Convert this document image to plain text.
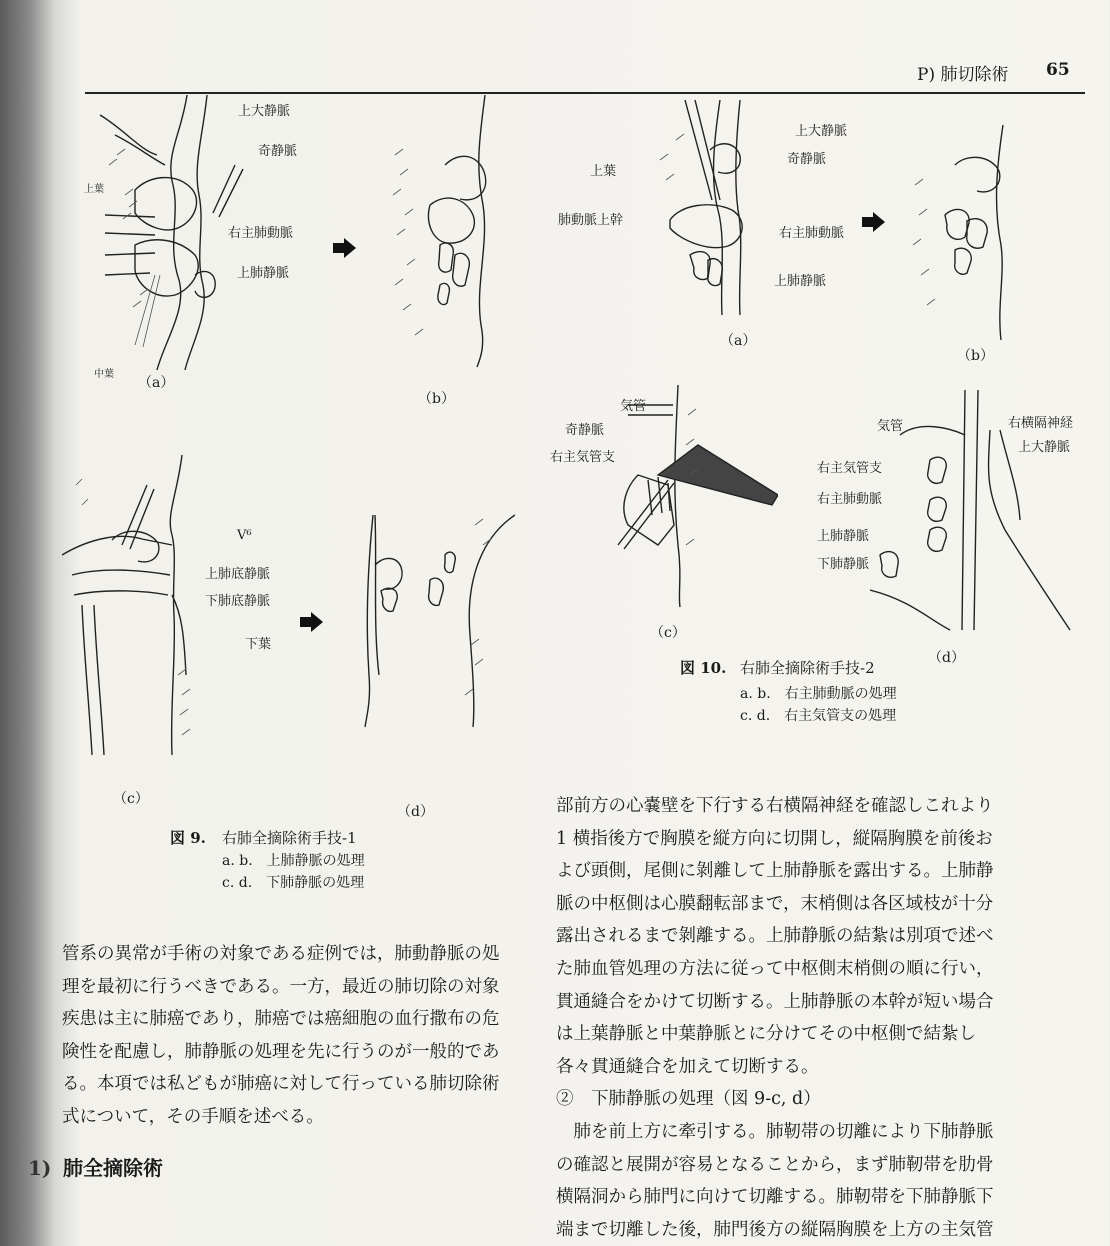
P) 肺切除術 65
上大静脈
奇静脈
右主肺動脈
上肺静脈
上葉
中葉
（a）
（b）
V⁶
上肺底静脈
下肺底静脈
下葉
（c）
（d）
図 9. 右肺全摘除術手技-1
a. b.　上肺静脈の処理
c. d.　下肺静脈の処理
上大静脈
奇静脈
上葉
肺動脈上幹
右主肺動脈
上肺静脈
（a）
（b）
気管
奇静脈
右主気管支
（c）
気管	右横隔神経
上大静脈
右主気管支
右主肺動脈
上肺静脈
下肺静脈
（d）
図 10. 右肺全摘除術手技-2
a. b.　右主肺動脈の処理
c. d.　右主気管支の処理
部前方の心嚢壁を下行する右横隔神経を確認しこれより
1 横指後方で胸膜を縦方向に切開し，縦隔胸膜を前後お
よび頭側，尾側に剝離して上肺静脈を露出する。上肺静
脈の中枢側は心膜翻転部まで，末梢側は各区域枝が十分
露出されるまで剝離する。上肺静脈の結紮は別項で述べ
た肺血管処理の方法に従って中枢側末梢側の順に行い，
貫通縫合をかけて切断する。上肺静脈の本幹が短い場合
は上葉静脈と中葉静脈とに分けてその中枢側で結紮し
各々貫通縫合を加えて切断する。
②　下肺静脈の処理（図 9-c, d）
　肺を前上方に牽引する。肺靭帯の切離により下肺静脈
の確認と展開が容易となることから，まず肺靭帯を肋骨
横隔洞から肺門に向けて切離する。肺靭帯を下肺静脈下
端まで切離した後，肺門後方の縦隔胸膜を上方の主気管
管系の異常が手術の対象である症例では，肺動静脈の処
理を最初に行うべきである。一方，最近の肺切除の対象
疾患は主に肺癌であり，肺癌では癌細胞の血行撒布の危
険性を配慮し，肺静脈の処理を先に行うのが一般的であ
る。本項では私どもが肺癌に対して行っている肺切除術
式について，その手順を述べる。
1) 肺全摘除術
